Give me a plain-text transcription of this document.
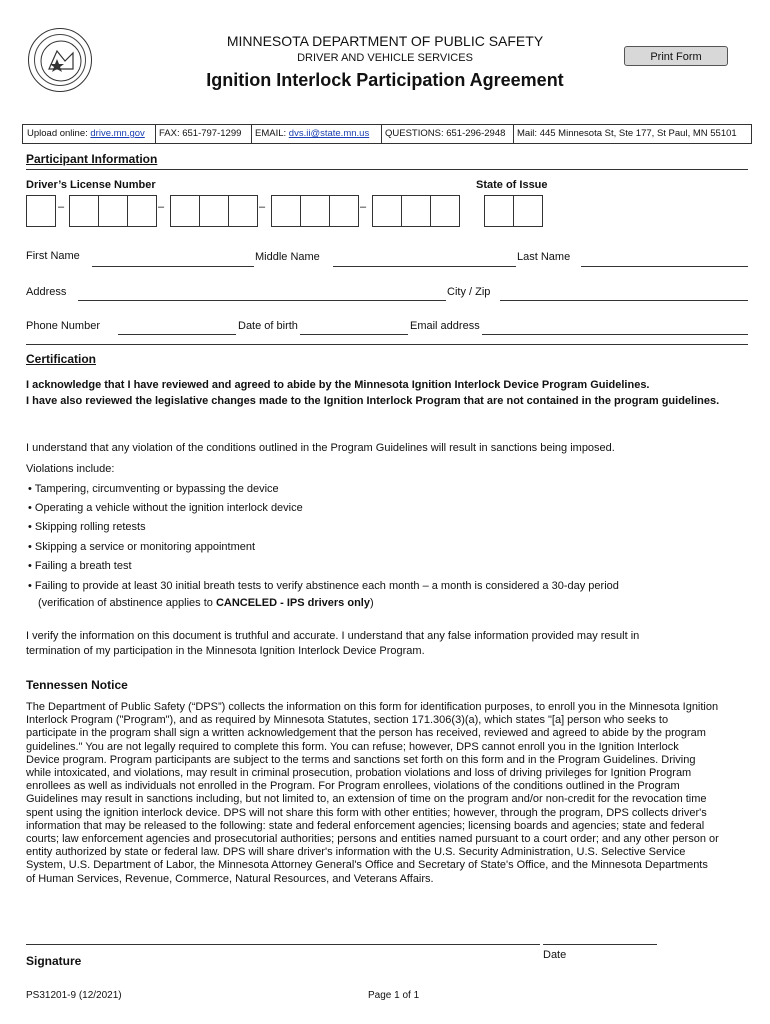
MINNESOTA DEPARTMENT OF PUBLIC SAFETY
DRIVER AND VEHICLE SERVICES
Ignition Interlock Participation Agreement
Print Form
Upload online: drive.mn.gov FAX: 651-797-1299 EMAIL: dvs.ii@state.mn.us QUESTIONS: 651-296-2948 Mail: 445 Minnesota St, Ste 177, St Paul, MN 55101
Participant Information
Driver’s License Number	State of Issue
–	–	–	–
First Name	Middle Name	Last Name
Address	City / Zip
Phone Number	Date of birth	Email address
Certification
I acknowledge that I have reviewed and agreed to abide by the Minnesota Ignition Interlock Device Program Guidelines.
I have also reviewed the legislative changes made to the Ignition Interlock Program that are not contained in the program guidelines.
I understand that any violation of the conditions outlined in the Program Guidelines will result in sanctions being imposed.
Violations include:
• Tampering, circumventing or bypassing the device
• Operating a vehicle without the ignition interlock device
• Skipping rolling retests
• Skipping a service or monitoring appointment
• Failing a breath test
• Failing to provide at least 30 initial breath tests to verify abstinence each month – a month is considered a 30-day period
(verification of abstinence applies to CANCELED - IPS drivers only)
I verify the information on this document is truthful and accurate. I understand that any false information provided may result in
termination of my participation in the Minnesota Ignition Interlock Device Program.
Tennessen Notice
The Department of Public Safety (“DPS”) collects the information on this form for identification purposes, to enroll you in the Minnesota Ignition
Interlock Program ("Program"), and as required by Minnesota Statutes, section 171.306(3)(a), which states "[a] person who seeks to
participate in the program shall sign a written acknowledgement that the person has received, reviewed and agreed to abide by the program
guidelines." You are not legally required to complete this form. You can refuse; however, DPS cannot enroll you in the Ignition Interlock
Device program. Program participants are subject to the terms and sanctions set forth on this form and in the Program Guidelines. Driving
while intoxicated, and violations, may result in criminal prosecution, probation violations and loss of driving privileges for Ignition Program
enrollees as well as individuals not enrolled in the Program. For Program enrollees, violations of the conditions outlined in the Program
Guidelines may result in sanctions including, but not limited to, an extension of time on the program and/or non-credit for the revocation time
spent using the ignition interlock device. DPS will not share this form with other entities; however, through the program, DPS collects driver's
information that may be released to the following: state and federal enforcement agencies; licensing boards and agencies; state and federal
courts; law enforcement agencies and prosecutorial authorities; persons and entities named pursuant to a court order; and any other person or
entity authorized by state or federal law. DPS will share driver's information with the U.S. Security Administration, U.S. Selective Service
System, U.S. Department of Labor, the Minnesota Attorney General's Office and Secretary of State's Office, and the Minnesota Departments
of Human Services, Revenue, Commerce, Natural Resources, and Veterans Affairs.
Signature	Date
PS31201-9 (12/2021)	Page 1 of 1
